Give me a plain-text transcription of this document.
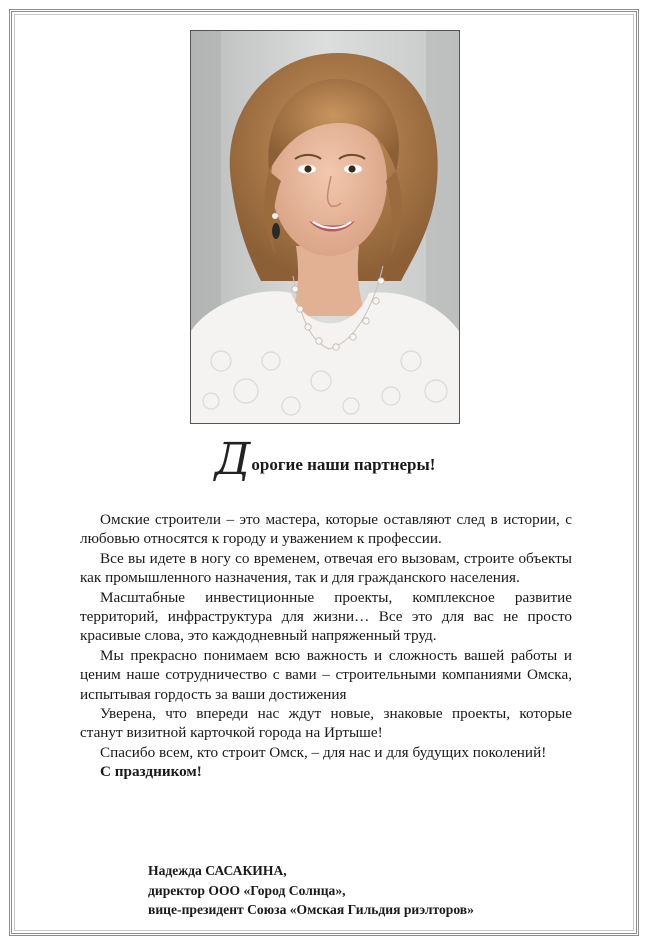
Дорогие наши партнеры!

Омские строители – это мастера, которые оставляют след в истории, с любовью относятся к городу и уважением к профессии.

Все вы идете в ногу со временем, отвечая его вызовам, строите объекты как промышленного назначения, так и для гражданского населения.

Масштабные инвестиционные проекты, комплексное развитие территорий, инфраструктура для жизни… Все это для вас не просто красивые слова, это каждодневный напряженный труд.

Мы прекрасно понимаем всю важность и сложность вашей работы и ценим наше сотрудничество с вами – строительными компаниями Омска, испытывая гордость за ваши достижения

Уверена, что впереди нас ждут новые, знаковые проекты, которые станут визитной карточкой города на Иртыше!

Спасибо всем, кто строит Омск, – для нас и для будущих поколений!

С праздником!

Надежда САСАКИНА,
директор ООО «Город Солнца»,
вице-президент Союза «Омская Гильдия риэлторов»
